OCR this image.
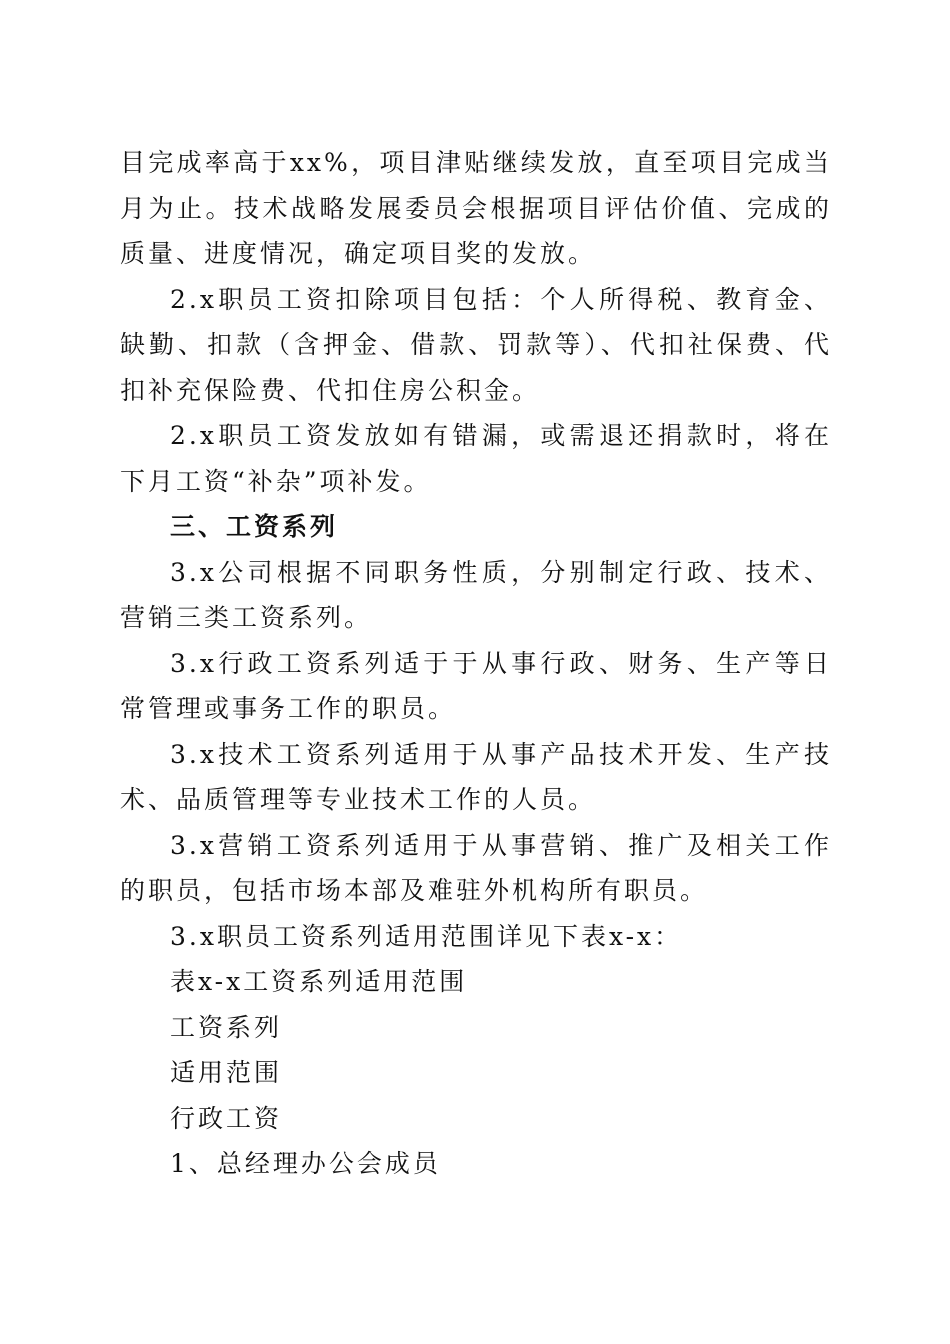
目完成率高于xx%，项目津贴继续发放，直至项目完成当月为止。技术战略发展委员会根据项目评估价值、完成的质量、进度情况，确定项目奖的发放。

2.x职员工资扣除项目包括：个人所得税、教育金、缺勤、扣款（含押金、借款、罚款等）、代扣社保费、代扣补充保险费、代扣住房公积金。

2.x职员工资发放如有错漏，或需退还捐款时，将在下月工资“补杂”项补发。

三、工资系列

3.x公司根据不同职务性质，分别制定行政、技术、营销三类工资系列。

3.x行政工资系列适于于从事行政、财务、生产等日常管理或事务工作的职员。

3.x技术工资系列适用于从事产品技术开发、生产技术、品质管理等专业技术工作的人员。

3.x营销工资系列适用于从事营销、推广及相关工作的职员，包括市场本部及难驻外机构所有职员。

3.x职员工资系列适用范围详见下表x-x：

表x-x工资系列适用范围

工资系列

适用范围

行政工资

1、总经理办公会成员
